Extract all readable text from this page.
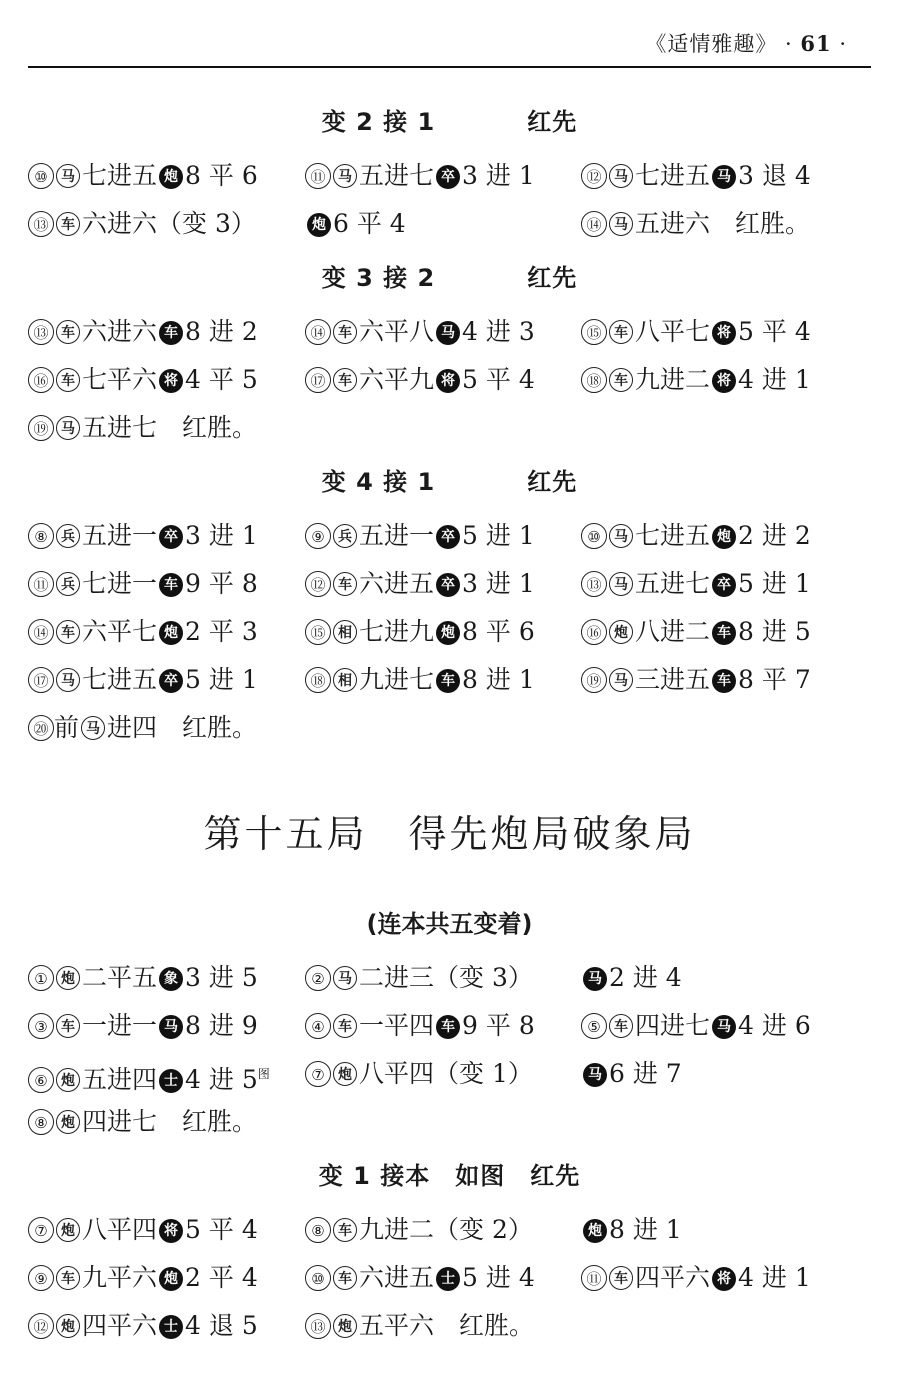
《适情雅趣》 · 61 ·
变 2 接 1	红先
⑩ 马 七进五 炮 8 平 6	⑪ 马 五进七 卒 3 进 1	⑫ 马 七进五 马 3 退 4
⑬ 车 六进六（变 3）	炮 6 平 4	⑭ 马 五进六　红胜。
变 3 接 2	红先
⑬ 车 六进六 车 8 进 2	⑭ 车 六平八 马 4 进 3	⑮ 车 八平七 将 5 平 4
⑯ 车 七平六 将 4 平 5	⑰ 车 六平九 将 5 平 4	⑱ 车 九进二 将 4 进 1
⑲ 马 五进七　红胜。
变 4 接 1	红先
⑧ 兵 五进一 卒 3 进 1	⑨ 兵 五进一 卒 5 进 1	⑩ 马 七进五 炮 2 进 2
⑪ 兵 七进一 车 9 平 8	⑫ 车 六进五 卒 3 进 1	⑬ 马 五进七 卒 5 进 1
⑭ 车 六平七 炮 2 平 3	⑮ 相 七进九 炮 8 平 6	⑯ 炮 八进二 车 8 进 5
⑰ 马 七进五 卒 5 进 1	⑱ 相 九进七 车 8 进 1	⑲ 马 三进五 车 8 平 7
⑳ 前 马 进四　红胜。
第十五局　得先炮局破象局
(连本共五变着)
① 炮 二平五 象 3 进 5	② 马 二进三（变 3）	马 2 进 4
③ 车 一进一 马 8 进 9	④ 车 一平四 车 9 平 8	⑤ 车 四进七 马 4 进 6
⑥ 炮 五进四 士 4 进 $5^图$	⑦ 炮 八平四（变 1）	马 6 进 7
⑧ 炮 四进七　红胜。
变 1 接本　 如图　 红先
⑦ 炮 八平四 将 5 平 4	⑧ 车 九进二（变 2）	炮 8 进 1
⑨ 车 九平六 炮 2 平 4	⑩ 车 六进五 士 5 进 4	⑪ 车 四平六 将 4 进 1
⑫ 炮 四平六 士 4 退 5	⑬ 炮 五平六　红胜。
